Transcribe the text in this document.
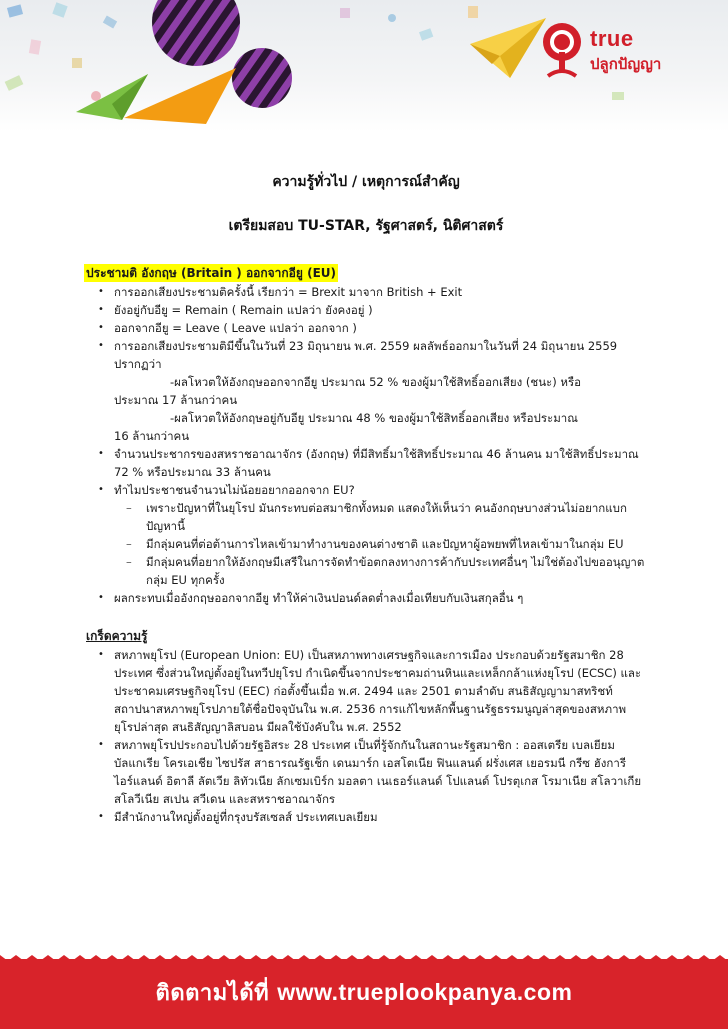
true
ปลูกปัญญา

ความรู้ทั่วไป / เหตุการณ์สำคัญ

เตรียมสอบ TU-STAR, รัฐศาสตร์, นิติศาสตร์

ประชามติ อังกฤษ (Britain ) ออกจากอียู (EU)
• การออกเสียงประชามติครั้งนี้ เรียกว่า = Brexit มาจาก British + Exit
• ยังอยู่กับอียู = Remain ( Remain แปลว่า ยังคงอยู่ )
• ออกจากอียู = Leave ( Leave แปลว่า ออกจาก )
• การออกเสียงประชามติมีขึ้นในวันที่ 23 มิถุนายน พ.ศ. 2559 ผลลัพธ์ออกมาในวันที่ 24 มิถุนายน 2559 ปรากฏว่า
-ผลโหวตให้อังกฤษออกจากอียู ประมาณ 52 % ของผู้มาใช้สิทธิ์ออกเสียง (ชนะ) หรือ
ประมาณ 17 ล้านกว่าคน
-ผลโหวตให้อังกฤษอยู่กับอียู ประมาณ 48 % ของผู้มาใช้สิทธิ์ออกเสียง หรือประมาณ
16 ล้านกว่าคน
• จำนวนประชากรของสหราชอาณาจักร (อังกฤษ) ที่มีสิทธิ์มาใช้สิทธิ์ประมาณ 46 ล้านคน มาใช้สิทธิ์ประมาณ 72 % หรือประมาณ 33 ล้านคน
• ทำไมประชาชนจำนวนไม่น้อยอยากออกจาก EU?
– เพราะปัญหาที่ในยุโรป มันกระทบต่อสมาชิกทั้งหมด แสดงให้เห็นว่า คนอังกฤษบางส่วนไม่อยากแบกปัญหานี้
– มีกลุ่มคนที่ต่อต้านการไหลเข้ามาทำงานของคนต่างชาติ และปัญหาผู้อพยพที่ไหลเข้ามาในกลุ่ม EU
– มีกลุ่มคนที่อยากให้อังกฤษมีเสรีในการจัดทำข้อตกลงทางการค้ากับประเทศอื่นๆ ไม่ใช่ต้องไปขออนุญาตกลุ่ม EU ทุกครั้ง
• ผลกระทบเมื่ออังกฤษออกจากอียู ทำให้ค่าเงินปอนด์ลดต่ำลงเมื่อเทียบกับเงินสกุลอื่น ๆ
เกร็ดความรู้
• สหภาพยุโรป (European Union: EU) เป็นสหภาพทางเศรษฐกิจและการเมือง ประกอบด้วยรัฐสมาชิก 28 ประเทศ ซึ่งส่วนใหญ่ตั้งอยู่ในทวีปยุโรป กำเนิดขึ้นจากประชาคมถ่านหินและเหล็กกล้าแห่งยุโรป (ECSC) และประชาคมเศรษฐกิจยุโรป (EEC) ก่อตั้งขึ้นเมื่อ พ.ศ. 2494 และ 2501 ตามลำดับ สนธิสัญญามาสทริชท์สถาปนาสหภาพยุโรปภายใต้ชื่อปัจจุบันใน พ.ศ. 2536 การแก้ไขหลักพื้นฐานรัฐธรรมนูญล่าสุดของสหภาพยุโรปล่าสุด สนธิสัญญาลิสบอน มีผลใช้บังคับใน พ.ศ. 2552
• สหภาพยุโรปประกอบไปด้วยรัฐอิสระ 28 ประเทศ เป็นที่รู้จักกันในสถานะรัฐสมาชิก : ออสเตรีย เบลเยียม บัลแกเรีย โครเอเชีย ไซปรัส สาธารณรัฐเช็ก เดนมาร์ก เอสโตเนีย ฟินแลนด์ ฝรั่งเศส เยอรมนี กรีซ ฮังการี ไอร์แลนด์ อิตาลี ลัตเวีย ลิทัวเนีย ลักเซมเบิร์ก มอลตา เนเธอร์แลนด์ โปแลนด์ โปรตุเกส โรมาเนีย สโลวาเกีย สโลวีเนีย สเปน สวีเดน และสหราชอาณาจักร
• มีสำนักงานใหญ่ตั้งอยู่ที่กรุงบรัสเซลส์ ประเทศเบลเยียม
ติดตามได้ที่ www.trueplookpanya.com
